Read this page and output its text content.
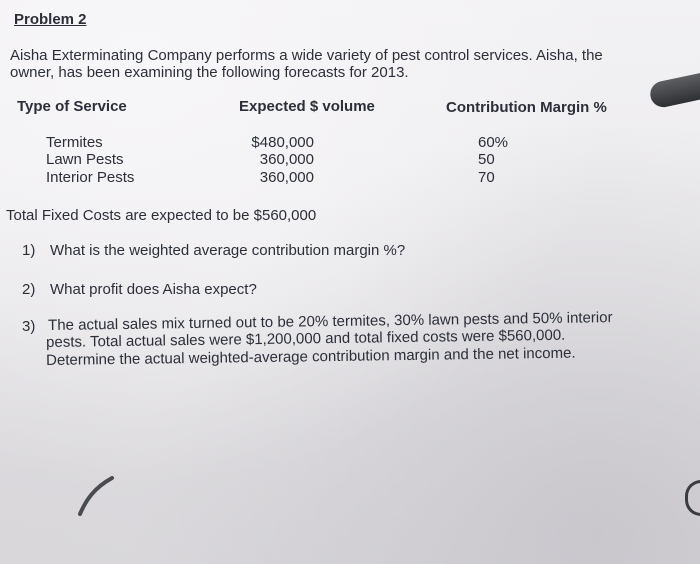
Problem 2
Aisha Exterminating Company performs a wide variety of pest control services. Aisha, the
owner, has been examining the following forecasts for 2013.
Type of Service	Expected $ volume	Contribution Margin %
Termites
Lawn Pests
Interior Pests
$480,000
360,000
360,000
60%
50
70
Total Fixed Costs are expected to be $560,000
1) What is the weighted average contribution margin %?
2) What profit does Aisha expect?
3) The actual sales mix turned out to be 20% termites, 30% lawn pests and 50% interior
pests. Total actual sales were $1,200,000 and total fixed costs were $560,000.
Determine the actual weighted-average contribution margin and the net income.
